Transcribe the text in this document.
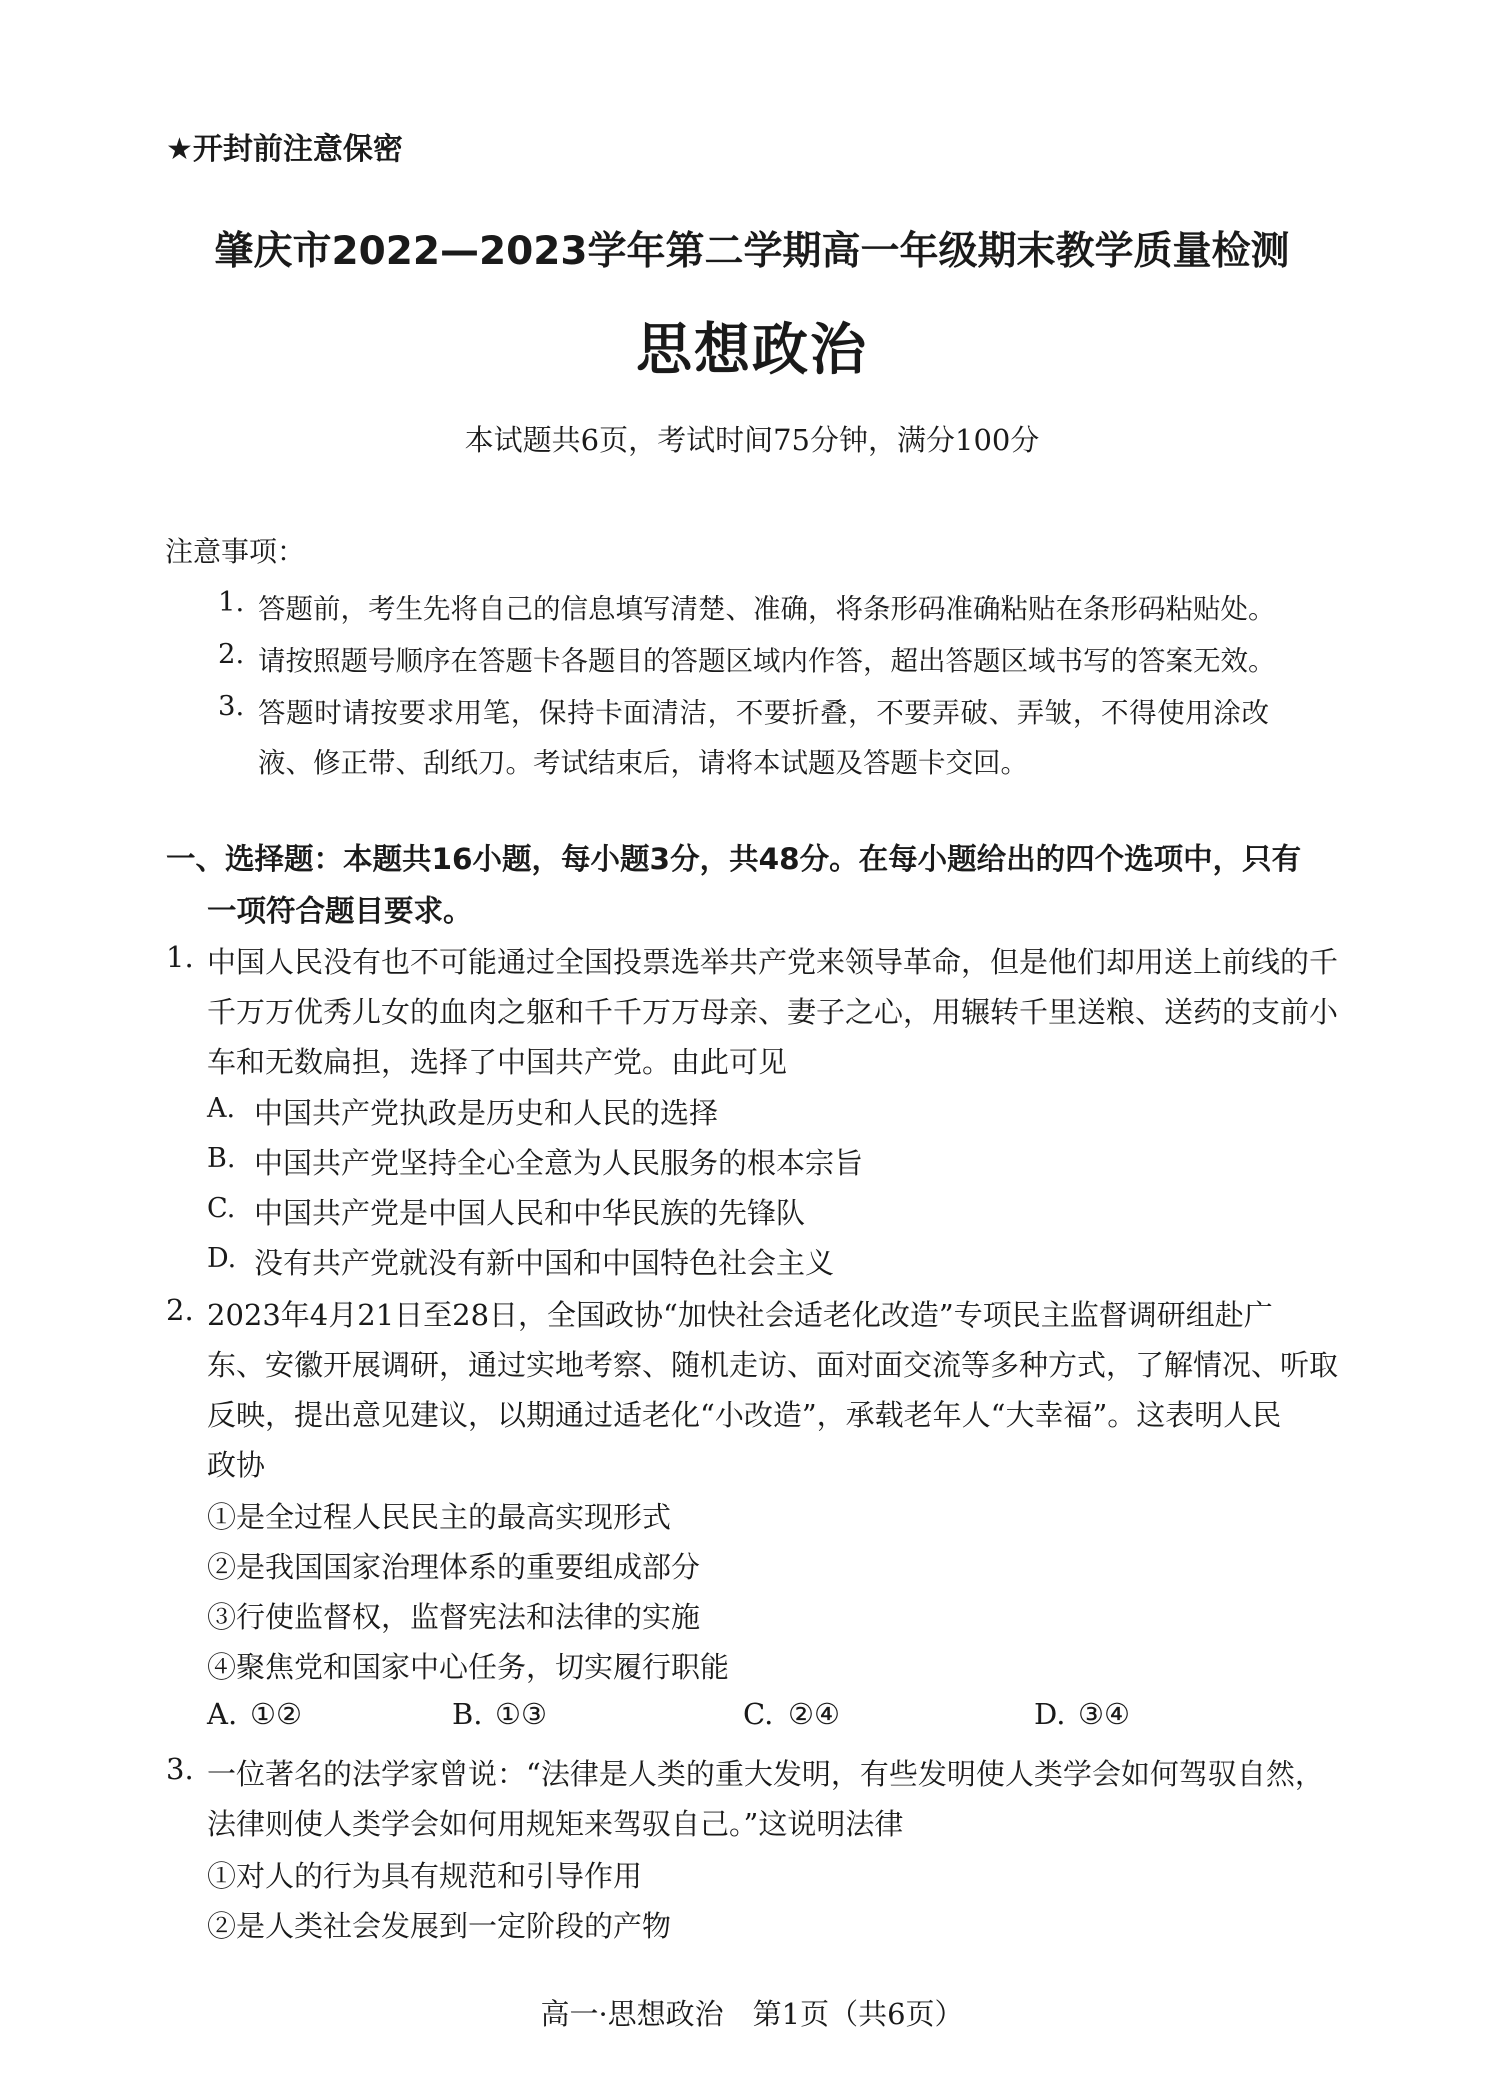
★开封前注意保密
肇庆市2022—2023学年第二学期高一年级期末教学质量检测
思想政治
本试题共6页，考试时间75分钟，满分100分
注意事项：
1. 答题前，考生先将自己的信息填写清楚、准确，将条形码准确粘贴在条形码粘贴处。
2. 请按照题号顺序在答题卡各题目的答题区域内作答，超出答题区域书写的答案无效。
3. 答题时请按要求用笔，保持卡面清洁，不要折叠，不要弄破、弄皱，不得使用涂改
液、修正带、刮纸刀。考试结束后，请将本试题及答题卡交回。
一、选择题：本题共16小题，每小题3分，共48分。在每小题给出的四个选项中，只有
一项符合题目要求。
1. 中国人民没有也不可能通过全国投票选举共产党来领导革命，但是他们却用送上前线的千
千万万优秀儿女的血肉之躯和千千万万母亲、妻子之心，用辗转千里送粮、送药的支前小
车和无数扁担，选择了中国共产党。由此可见
A. 中国共产党执政是历史和人民的选择
B. 中国共产党坚持全心全意为人民服务的根本宗旨
C. 中国共产党是中国人民和中华民族的先锋队
D. 没有共产党就没有新中国和中国特色社会主义
2. 2023年4月21日至28日，全国政协“加快社会适老化改造”专项民主监督调研组赴广
东、安徽开展调研，通过实地考察、随机走访、面对面交流等多种方式，了解情况、听取
反映，提出意见建议，以期通过适老化“小改造”，承载老年人“大幸福”。这表明人民
政协
①是全过程人民民主的最高实现形式
②是我国国家治理体系的重要组成部分
③行使监督权，监督宪法和法律的实施
④聚焦党和国家中心任务，切实履行职能
A. ①②	B. ①③	C. ②④	D. ③④
3. 一位著名的法学家曾说：“法律是人类的重大发明，有些发明使人类学会如何驾驭自然，
法律则使人类学会如何用规矩来驾驭自己。”这说明法律
①对人的行为具有规范和引导作用
②是人类社会发展到一定阶段的产物
高一·思想政治　第1页（共6页）
